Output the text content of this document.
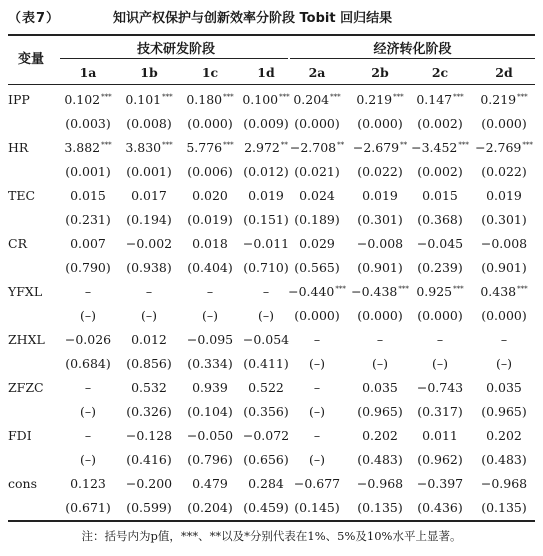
（表7）	知识产权保护与创新效率分阶段 Tobit 回归结果
变量
技术研发阶段	经济转化阶段
1a	1b	1c	1d	2a	2b	2c	2d
IPP	0.102***	0.101***	0.180*** 0.100*** 0.204***	0.219***	0.147***	0.219***
(0.003)	(0.008)	(0.000) (0.009) (0.000)	(0.000)	(0.002)	(0.000)
HR	3.882***	3.830***	5.776*** 2.972** −2.708** −2.679** −3.452*** −2.769***
(0.001)	(0.001)	(0.006) (0.012) (0.021)	(0.022)	(0.002)	(0.022)
TEC	0.015	0.017	0.020	0.019	0.024	0.019	0.015	0.019
(0.231)	(0.194)	(0.019) (0.151) (0.189)	(0.301)	(0.368)	(0.301)
CR	0.007	−0.002	0.018	−0.011 0.029	−0.008	−0.045	−0.008
(0.790)	(0.938)	(0.404) (0.710) (0.565)	(0.901)	(0.239)	(0.901)
YFXL	–	–	–	–	−0.440*** −0.438*** 0.925***	0.438***
(–)	(–)	(–)	(–)	(0.000)	(0.000)	(0.000)	(0.000)
ZHXL	−0.026	0.012	−0.095 −0.054	–	–	–	–
(0.684)	(0.856)	(0.334) (0.411)	(–)	(–)	(–)	(–)
ZFZC	–	0.532	0.939	0.522	–	0.035	−0.743	0.035
(–)	(0.326)	(0.104) (0.356)	(–)	(0.965)	(0.317)	(0.965)
FDI	–	−0.128	−0.050 −0.072	–	0.202	0.011	0.202
(–)	(0.416)	(0.796) (0.656)	(–)	(0.483)	(0.962)	(0.483)
cons	0.123	−0.200	0.479	0.284 −0.677	−0.968	−0.397	−0.968
(0.671)	(0.599)	(0.204) (0.459) (0.145)	(0.135)	(0.436)	(0.135)
注：括号内为p值，***、**以及*分别代表在1%、5%及10%水平上显著。
